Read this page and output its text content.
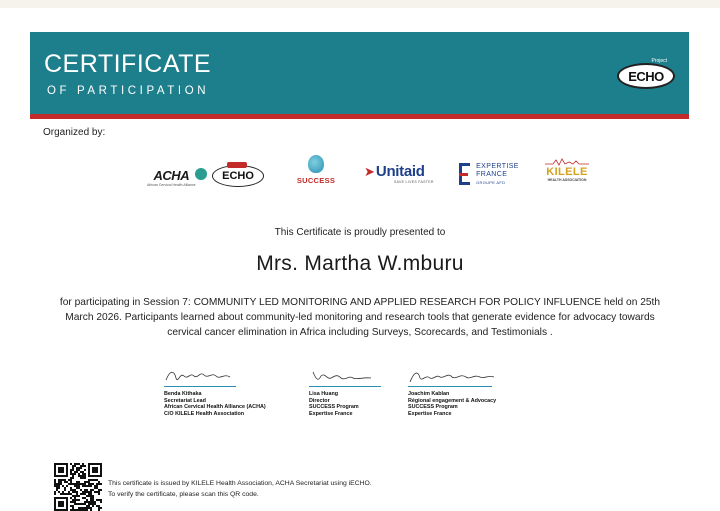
CERTIFICATE
OF PARTICIPATION
Project
ECHO
Organized by:
ACHA
African Cervical Health Alliance
ECHO	SUCCESS
➤ Unitaid
SAVE LIVES FASTER
EXPERTISE
FRANCE
GROUPE AFD
KILELE
HEALTH ASSOCIATION
This Certificate is proudly presented to
Mrs. Martha W.mburu
for participating in Session 7: COMMUNITY LED MONITORING AND APPLIED RESEARCH FOR POLICY INFLUENCE held on 25th March 2026. Participants learned about community-led monitoring and research tools that generate evidence for advocacy towards cervical cancer elimination in Africa including Surveys, Scorecards, and Testimonials .
Benda Kithaka
Secretariat Lead
African Cervical Health Alliance (ACHA)
C/O KILELE Health Association
Lisa Huang
Director
SUCCESS Program
Expertise France
Joachim Kablan
Régional engagement & Advocacy
SUCCESS Program
Expertise France
This certificate is issued by KILELE Health Association, ACHA Secretariat using iECHO.
To verify the certificate, please scan this QR code.
